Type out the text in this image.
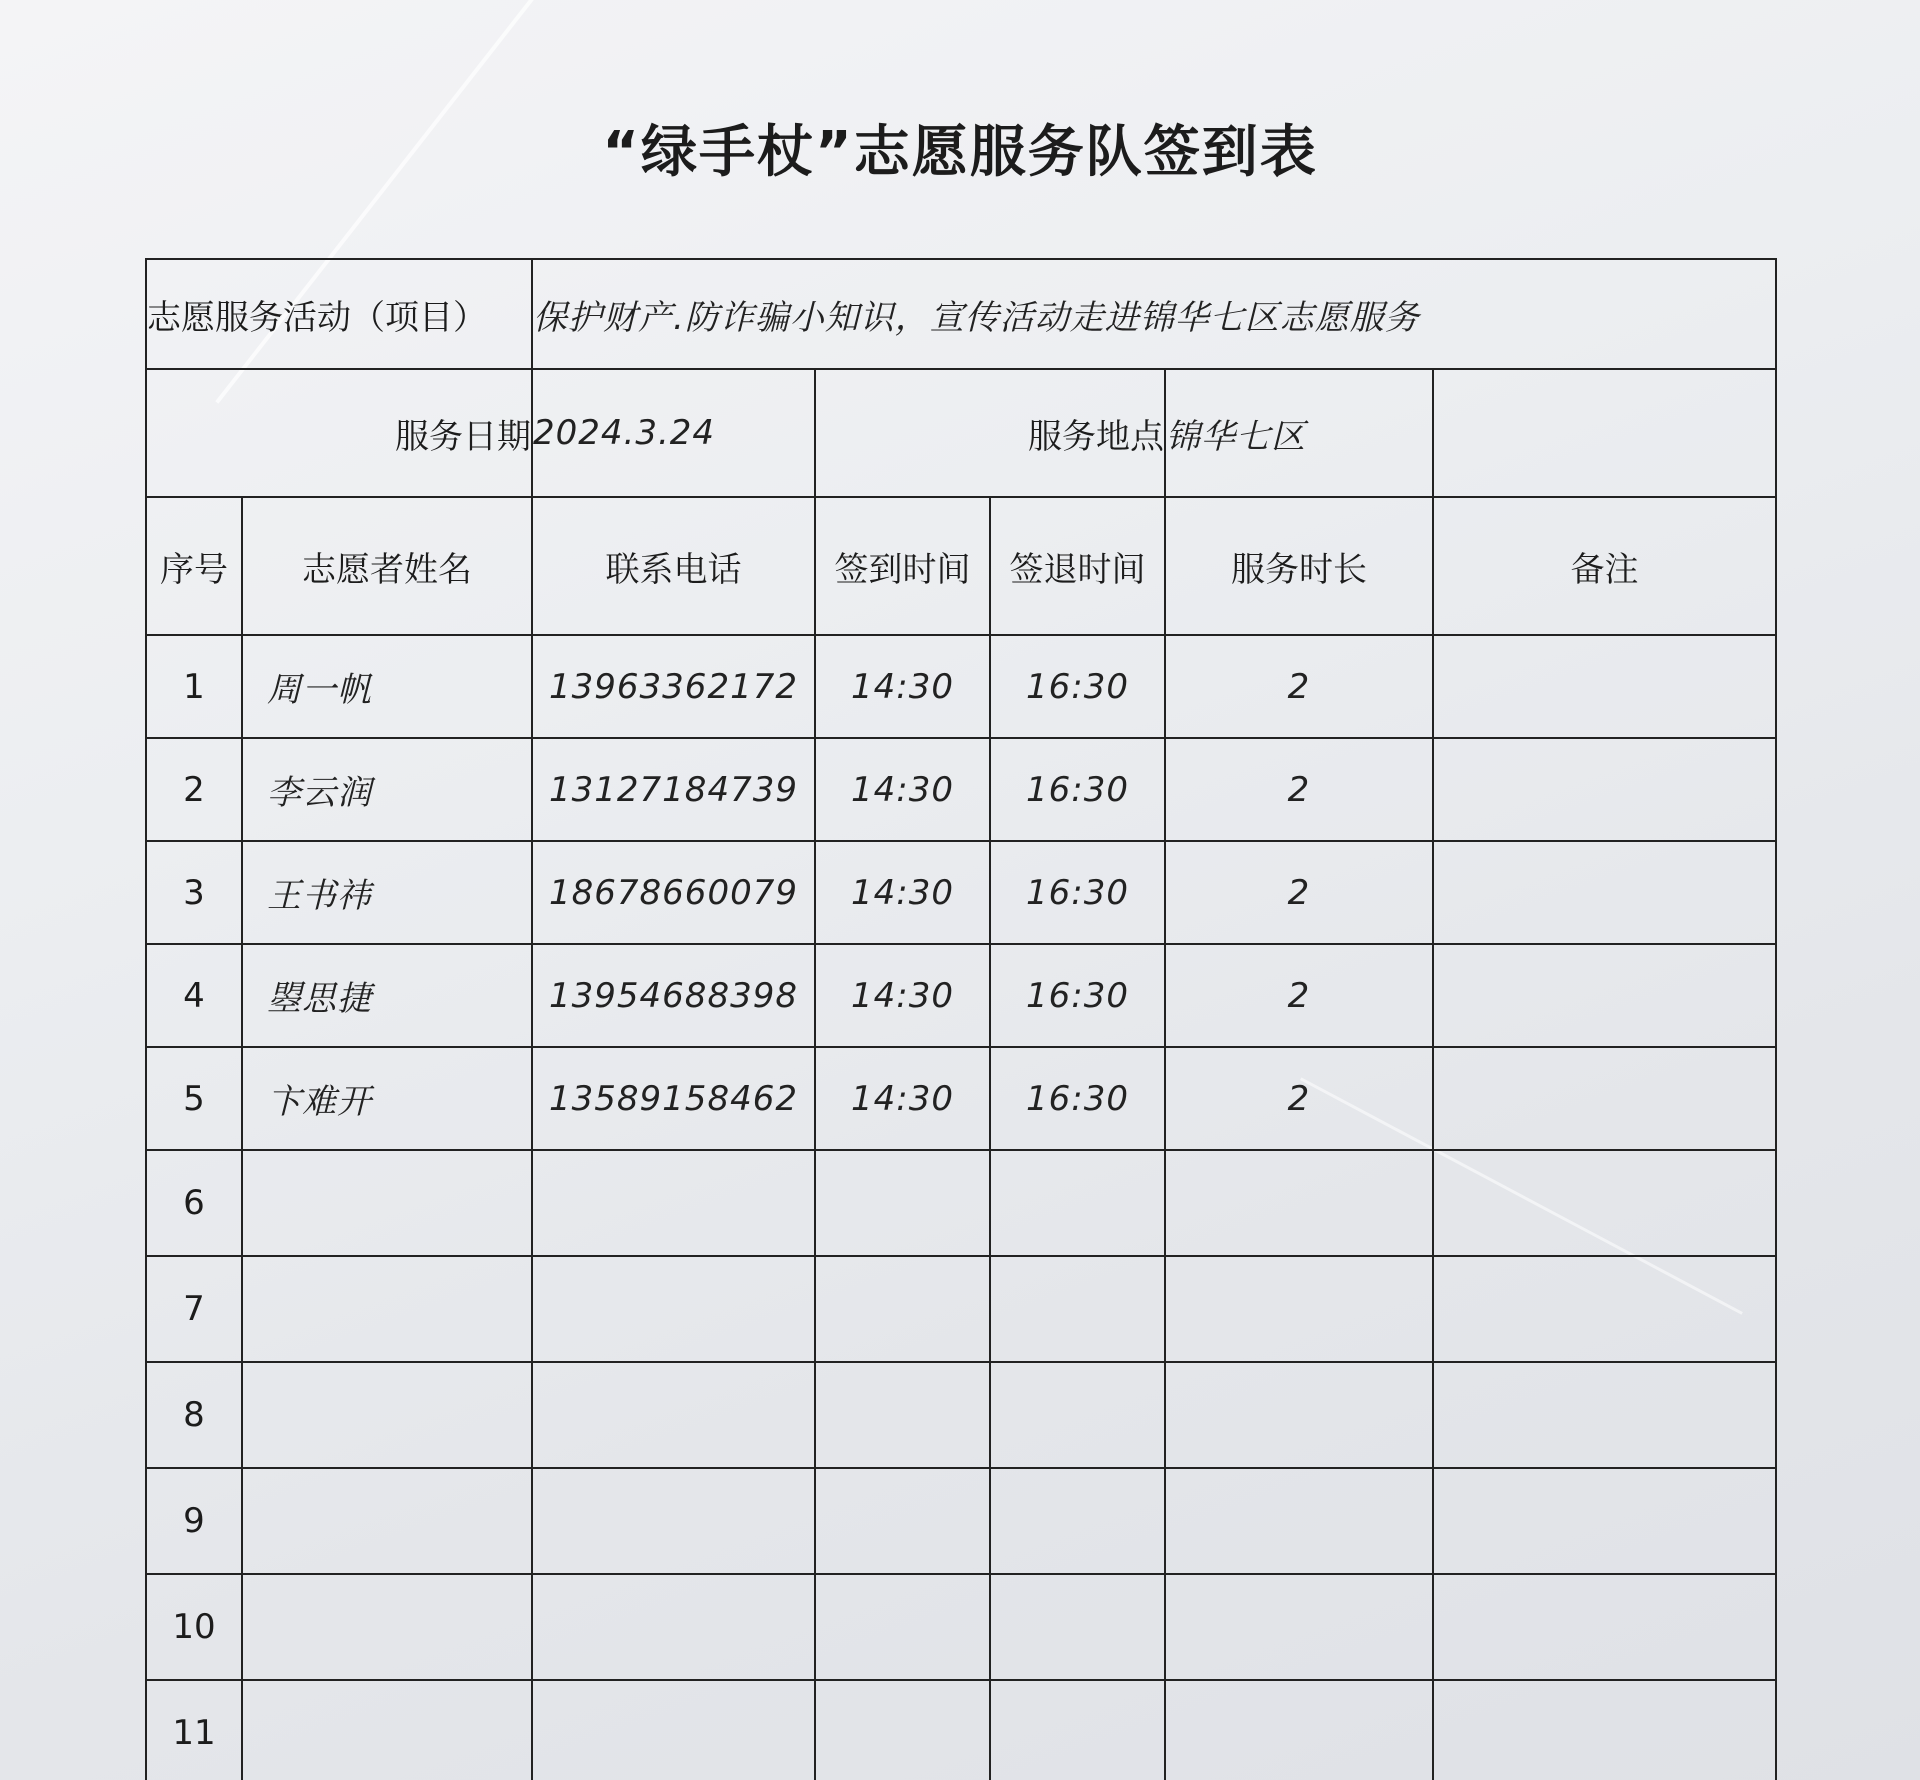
“绿手杖”志愿服务队签到表
志愿服务活动（项目）		保护财产.防诈骗小知识，宣传活动走进锦华七区志愿服务				
服务日期		2024.3.24	服务地点		锦华七区	
序号	志愿者姓名	联系电话	签到时间	签退时间	服务时长	备注
1	周一帆	13963362172	14:30	16:30	2	
2	李云润	13127184739	14:30	16:30	2	
3	王书祎	18678660079	14:30	16:30	2	
4	曌思捷	13954688398	14:30	16:30	2	
5	卞难开	13589158462	14:30	16:30	2	
6						
7						
8						
9						
10						
11						
